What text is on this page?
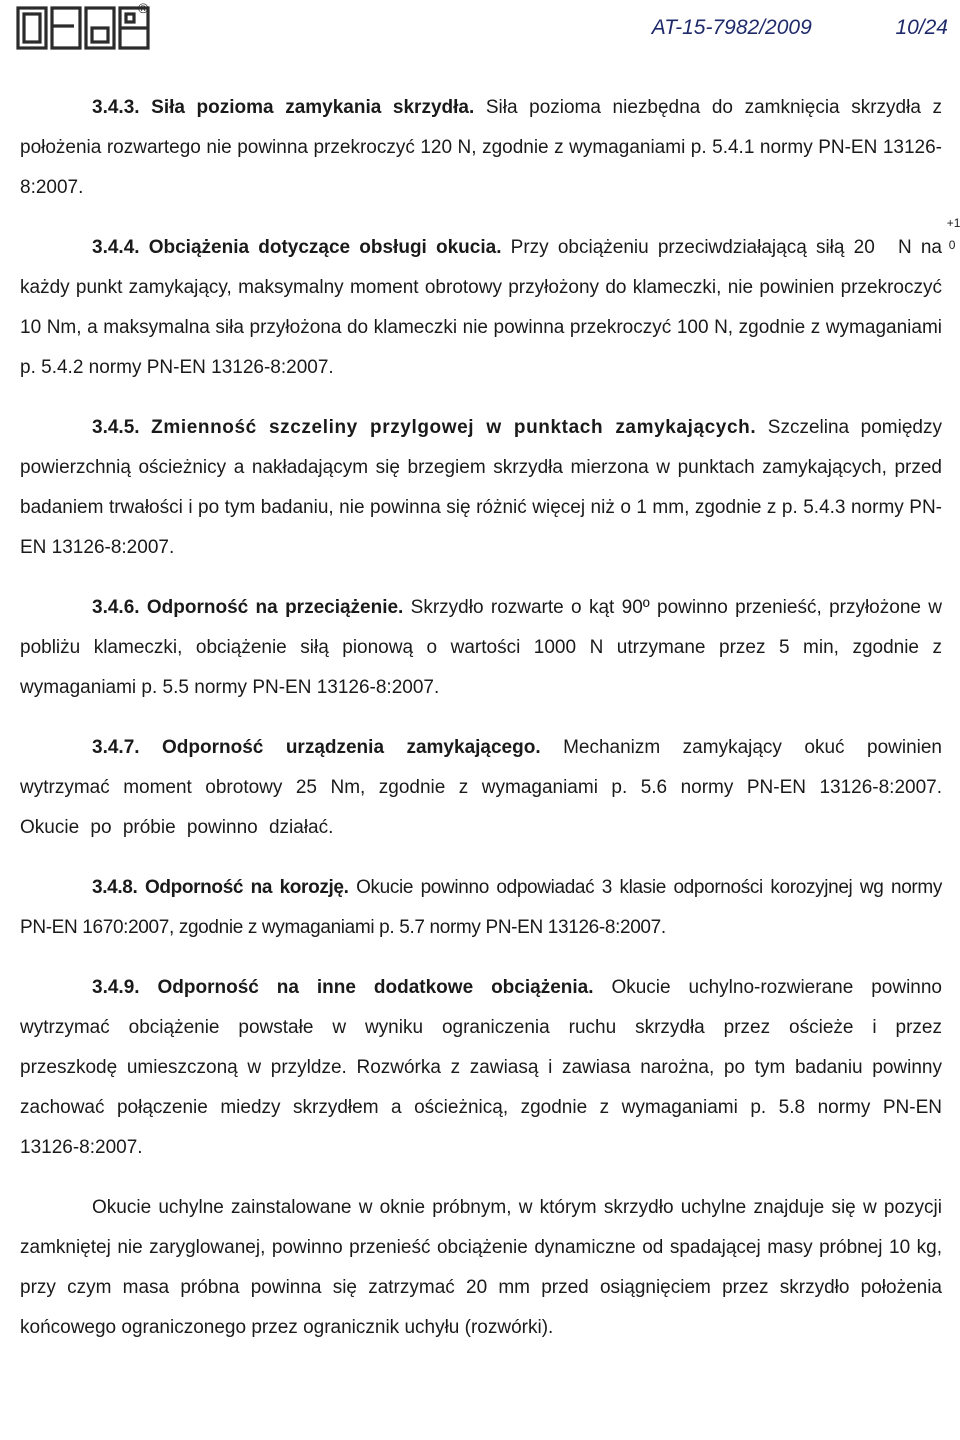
®
AT-15-7982/2009	10/24

3.4.3. Siła pozioma zamykania skrzydła. Siła pozioma niezbędna do zamknięcia skrzydła z położenia rozwartego nie powinna przekroczyć 120 N, zgodnie z wymaganiami p. 5.4.1 normy PN-EN 13126-8:2007.

3.4.4. Obciążenia dotyczące obsługi okucia. Przy obciążeniu przeciwdziałającą siłą 20
+1
0
N na każdy punkt zamykający, maksymalny moment obrotowy przyłożony do klameczki, nie powinien przekroczyć 10 Nm, a maksymalna siła przyłożona do klameczki nie powinna przekroczyć 100 N, zgodnie z wymaganiami p. 5.4.2 normy PN-EN 13126-8:2007.

3.4.5. Zmienność szczeliny przylgowej w punktach zamykających. Szczelina pomiędzy powierzchnią ościeżnicy a nakładającym się brzegiem skrzydła mierzona w punktach zamykających, przed badaniem trwałości i po tym badaniu, nie powinna się różnić więcej niż o 1 mm, zgodnie z p. 5.4.3 normy PN-EN 13126-8:2007.

3.4.6. Odporność na przeciążenie. Skrzydło rozwarte o kąt 90º powinno przenieść, przyłożone w pobliżu klameczki, obciążenie siłą pionową o wartości 1000 N utrzymane przez 5 min, zgodnie z wymaganiami p. 5.5 normy PN-EN 13126-8:2007.

3.4.7. Odporność urządzenia zamykającego. Mechanizm zamykający okuć powinien wytrzymać moment obrotowy 25 Nm, zgodnie z wymaganiami p. 5.6 normy PN-EN 13126-8:2007. Okucie po próbie powinno działać.

3.4.8. Odporność na korozję. Okucie powinno odpowiadać 3 klasie odporności korozyjnej wg normy PN-EN 1670:2007, zgodnie z wymaganiami p. 5.7 normy PN-EN 13126-8:2007.

3.4.9. Odporność na inne dodatkowe obciążenia. Okucie uchylno-rozwierane powinno wytrzymać obciążenie powstałe w wyniku ograniczenia ruchu skrzydła przez ościeże i przez przeszkodę umieszczoną w przyldze. Rozwórka z zawiasą i zawiasa narożna, po tym badaniu powinny zachować połączenie miedzy skrzydłem a ościeżnicą, zgodnie z wymaganiami p. 5.8 normy PN-EN 13126-8:2007.

Okucie uchylne zainstalowane w oknie próbnym, w którym skrzydło uchylne znajduje się w pozycji zamkniętej nie zaryglowanej, powinno przenieść obciążenie dynamiczne od spadającej masy próbnej 10 kg, przy czym masa próbna powinna się zatrzymać 20 mm przed osiągnięciem przez skrzydło położenia końcowego ograniczonego przez ogranicznik uchyłu (rozwórki).
